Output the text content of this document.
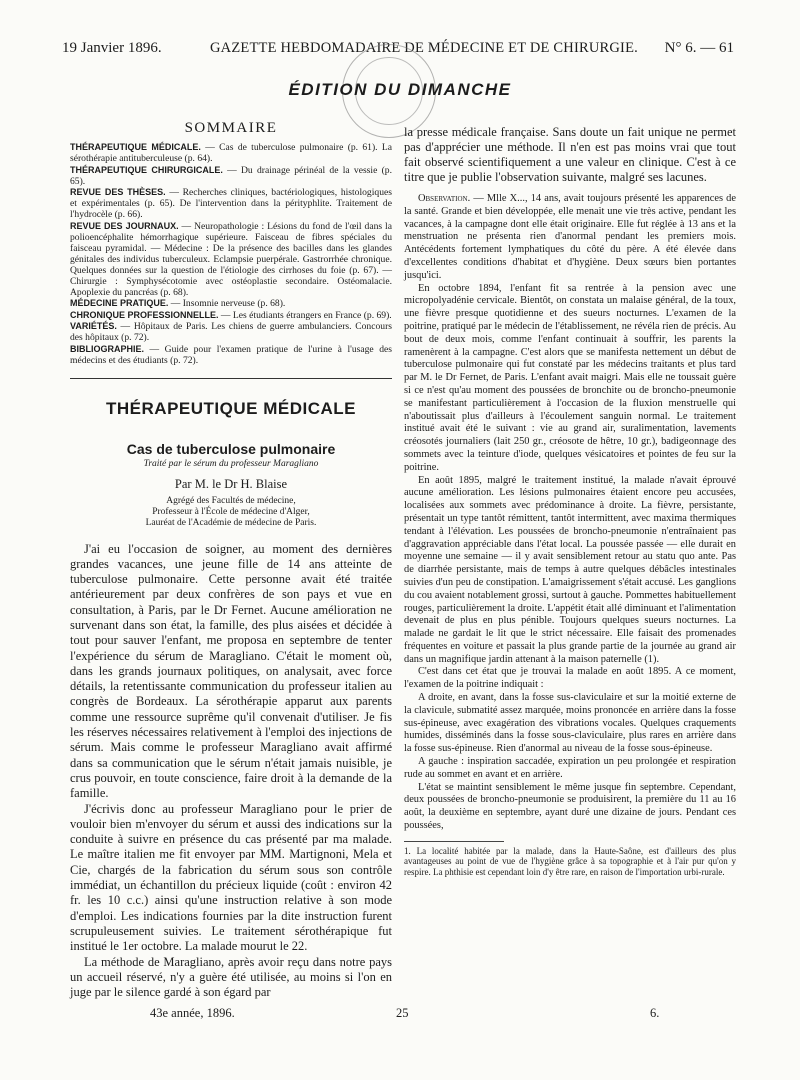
19 Janvier 1896.	GAZETTE HEBDOMADAIRE DE MÉDECINE ET DE CHIRURGIE. N° 6. — 61
ÉDITION DU DIMANCHE
SOMMAIRE

THÉRAPEUTIQUE MÉDICALE. — Cas de tuberculose pulmonaire (p. 61). La sérothérapie antituberculeuse (p. 64).

THÉRAPEUTIQUE CHIRURGICALE. — Du drainage périnéal de la vessie (p. 65).

REVUE DES THÈSES. — Recherches cliniques, bactériologiques, histologiques et expérimentales (p. 65). De l'intervention dans la pérityphlite. Traitement de l'hydrocèle (p. 66).

REVUE DES JOURNAUX. — Neuropathologie : Lésions du fond de l'œil dans la polioencéphalite hémorrhagique supérieure. Faisceau de fibres spéciales du faisceau pyramidal. — Médecine : De la présence des bacilles dans les glandes génitales des individus tuberculeux. Eclampsie puerpérale. Gastrorrhée chronique. Quelques données sur la question de l'étiologie des cirrhoses du foie (p. 67). — Chirurgie : Symphysécotomie avec ostéoplastie secondaire. Ostéomalacie. Apoplexie du pancréas (p. 68).

MÉDECINE PRATIQUE. — Insomnie nerveuse (p. 68).

CHRONIQUE PROFESSIONNELLE. — Les étudiants étrangers en France (p. 69).

VARIÉTÉS. — Hôpitaux de Paris. Les chiens de guerre ambulanciers. Concours des hôpitaux (p. 72).

BIBLIOGRAPHIE. — Guide pour l'examen pratique de l'urine à l'usage des médecins et des étudiants (p. 72).

THÉRAPEUTIQUE MÉDICALE
Cas de tuberculose pulmonaire
Traité par le sérum du professeur Maragliano
Par M. le Dr H. Blaise
Agrégé des Facultés de médecine,
Professeur à l'École de médecine d'Alger,
Lauréat de l'Académie de médecine de Paris.

J'ai eu l'occasion de soigner, au moment des dernières grandes vacances, une jeune fille de 14 ans atteinte de tuberculose pulmonaire. Cette personne avait été traitée antérieurement par deux confrères de son pays et vue en consultation, à Paris, par le Dr Fernet. Aucune amélioration ne survenant dans son état, la famille, des plus aisées et décidée à tout pour sauver l'enfant, me proposa en septembre de tenter l'expérience du sérum de Maragliano. C'était le moment où, dans les grands journaux politiques, on analysait, avec force détails, la retentissante communication du professeur italien au congrès de Bordeaux. La sérothérapie apparut aux parents comme une ressource suprême qu'il convenait d'utiliser. Je fis les réserves nécessaires relativement à l'emploi des injections de sérum. Mais comme le professeur Maragliano avait affirmé dans sa communication que le sérum n'était jamais nuisible, je crus pouvoir, en toute conscience, faire droit à la demande de la famille.

J'écrivis donc au professeur Maragliano pour le prier de vouloir bien m'envoyer du sérum et aussi des indications sur la conduite à suivre en présence du cas présenté par ma malade. Le maître italien me fit envoyer par MM. Martignoni, Mela et Cie, chargés de la fabrication du sérum sous son contrôle immédiat, un échantillon du précieux liquide (coût : environ 42 fr. les 10 c.c.) ainsi qu'une instruction relative à son mode d'emploi. Les indications fournies par la dite instruction furent scrupuleusement suivies. Le traitement sérothérapique fut institué le 1er octobre. La malade mourut le 22.

La méthode de Maragliano, après avoir reçu dans notre pays un accueil réservé, n'y a guère été utilisée, au moins si l'on en juge par le silence gardé à son égard par

la presse médicale française. Sans doute un fait unique ne permet pas d'apprécier une méthode. Il n'en est pas moins vrai que tout fait observé scientifiquement a une valeur en clinique. C'est à ce titre que je publie l'observation suivante, malgré ses lacunes.

Observation. — Mlle X..., 14 ans, avait toujours présenté les apparences de la santé. Grande et bien développée, elle menait une vie très active, pendant les vacances, à la campagne dont elle était originaire. Elle fut réglée à 13 ans et la menstruation ne présenta rien d'anormal pendant les premiers mois. Antécédents fortement lymphatiques du côté du père. A été élevée dans d'excellentes conditions d'habitat et d'hygiène. Deux sœurs bien portantes jusqu'ici.

En octobre 1894, l'enfant fit sa rentrée à la pension avec une micropolyadénie cervicale. Bientôt, on constata un malaise général, de la toux, une fièvre presque quotidienne et des sueurs nocturnes. L'examen de la poitrine, pratiqué par le médecin de l'établissement, ne révéla rien de précis. Au bout de deux mois, comme l'enfant continuait à souffrir, les parents la ramenèrent à la campagne. C'est alors que se manifesta nettement un début de tuberculose pulmonaire qui fut constaté par les médecins traitants et plus tard par M. le Dr Fernet, de Paris. L'enfant avait maigri. Mais elle ne toussait guère si ce n'est qu'au moment des poussées de bronchite ou de broncho-pneumonie se manifestant particulièrement à l'occasion de la fluxion menstruelle qui n'aboutissait plus d'ailleurs à l'écoulement sanguin normal. Le traitement institué avait été le suivant : vie au grand air, suralimentation, lavements créosotés journaliers (lait 250 gr., créosote de hêtre, 10 gr.), badigeonnage des sommets avec la teinture d'iode, quelques vésicatoires et pointes de feu sur la poitrine.

En août 1895, malgré le traitement institué, la malade n'avait éprouvé aucune amélioration. Les lésions pulmonaires étaient encore peu accusées, localisées aux sommets avec prédominance à droite. La fièvre, persistante, présentait un type tantôt rémittent, tantôt intermittent, avec maxima thermiques tendant à l'élévation. Les poussées de broncho-pneumonie n'entraînaient pas d'aggravation appréciable dans l'état local. La poussée passée — elle durait en moyenne une semaine — il y avait sensiblement retour au statu quo ante. Pas de diarrhée persistante, mais de temps à autre quelques débâcles intestinales suivies d'un peu de constipation. L'amaigrissement s'était accusé. Les ganglions du cou avaient notablement grossi, surtout à gauche. Pommettes habituellement rouges, particulièrement la droite. L'appétit était allé diminuant et l'alimentation devenait de plus en plus pénible. Toujours quelques sueurs nocturnes. La malade ne gardait le lit que le strict nécessaire. Elle faisait des promenades fréquentes en voiture et passait la plus grande partie de la journée au grand air dans un magnifique jardin attenant à la maison paternelle (1).

C'est dans cet état que je trouvai la malade en août 1895. A ce moment, l'examen de la poitrine indiquait :

A droite, en avant, dans la fosse sus-claviculaire et sur la moitié externe de la clavicule, submatité assez marquée, moins prononcée en arrière dans la fosse sus-épineuse, avec exagération des vibrations vocales. Quelques craquements humides, disséminés dans la fosse sous-claviculaire, plus rares en arrière dans la fosse sus-épineuse. Rien d'anormal au niveau de la fosse sous-épineuse.

A gauche : inspiration saccadée, expiration un peu prolongée et respiration rude au sommet en avant et en arrière.

L'état se maintint sensiblement le même jusque fin septembre. Cependant, deux poussées de broncho-pneumonie se produisirent, la première du 11 au 16 août, la deuxième en septembre, ayant duré une dizaine de jours. Pendant ces poussées,

1. La localité habitée par la malade, dans la Haute-Saône, est d'ailleurs des plus avantageuses au point de vue de l'hygiène grâce à sa topographie et à l'air pur qu'on y respire. La phthisie est cependant loin d'y être rare, en raison de l'importation urbi-rurale.
43e année, 1896.	25	6.
